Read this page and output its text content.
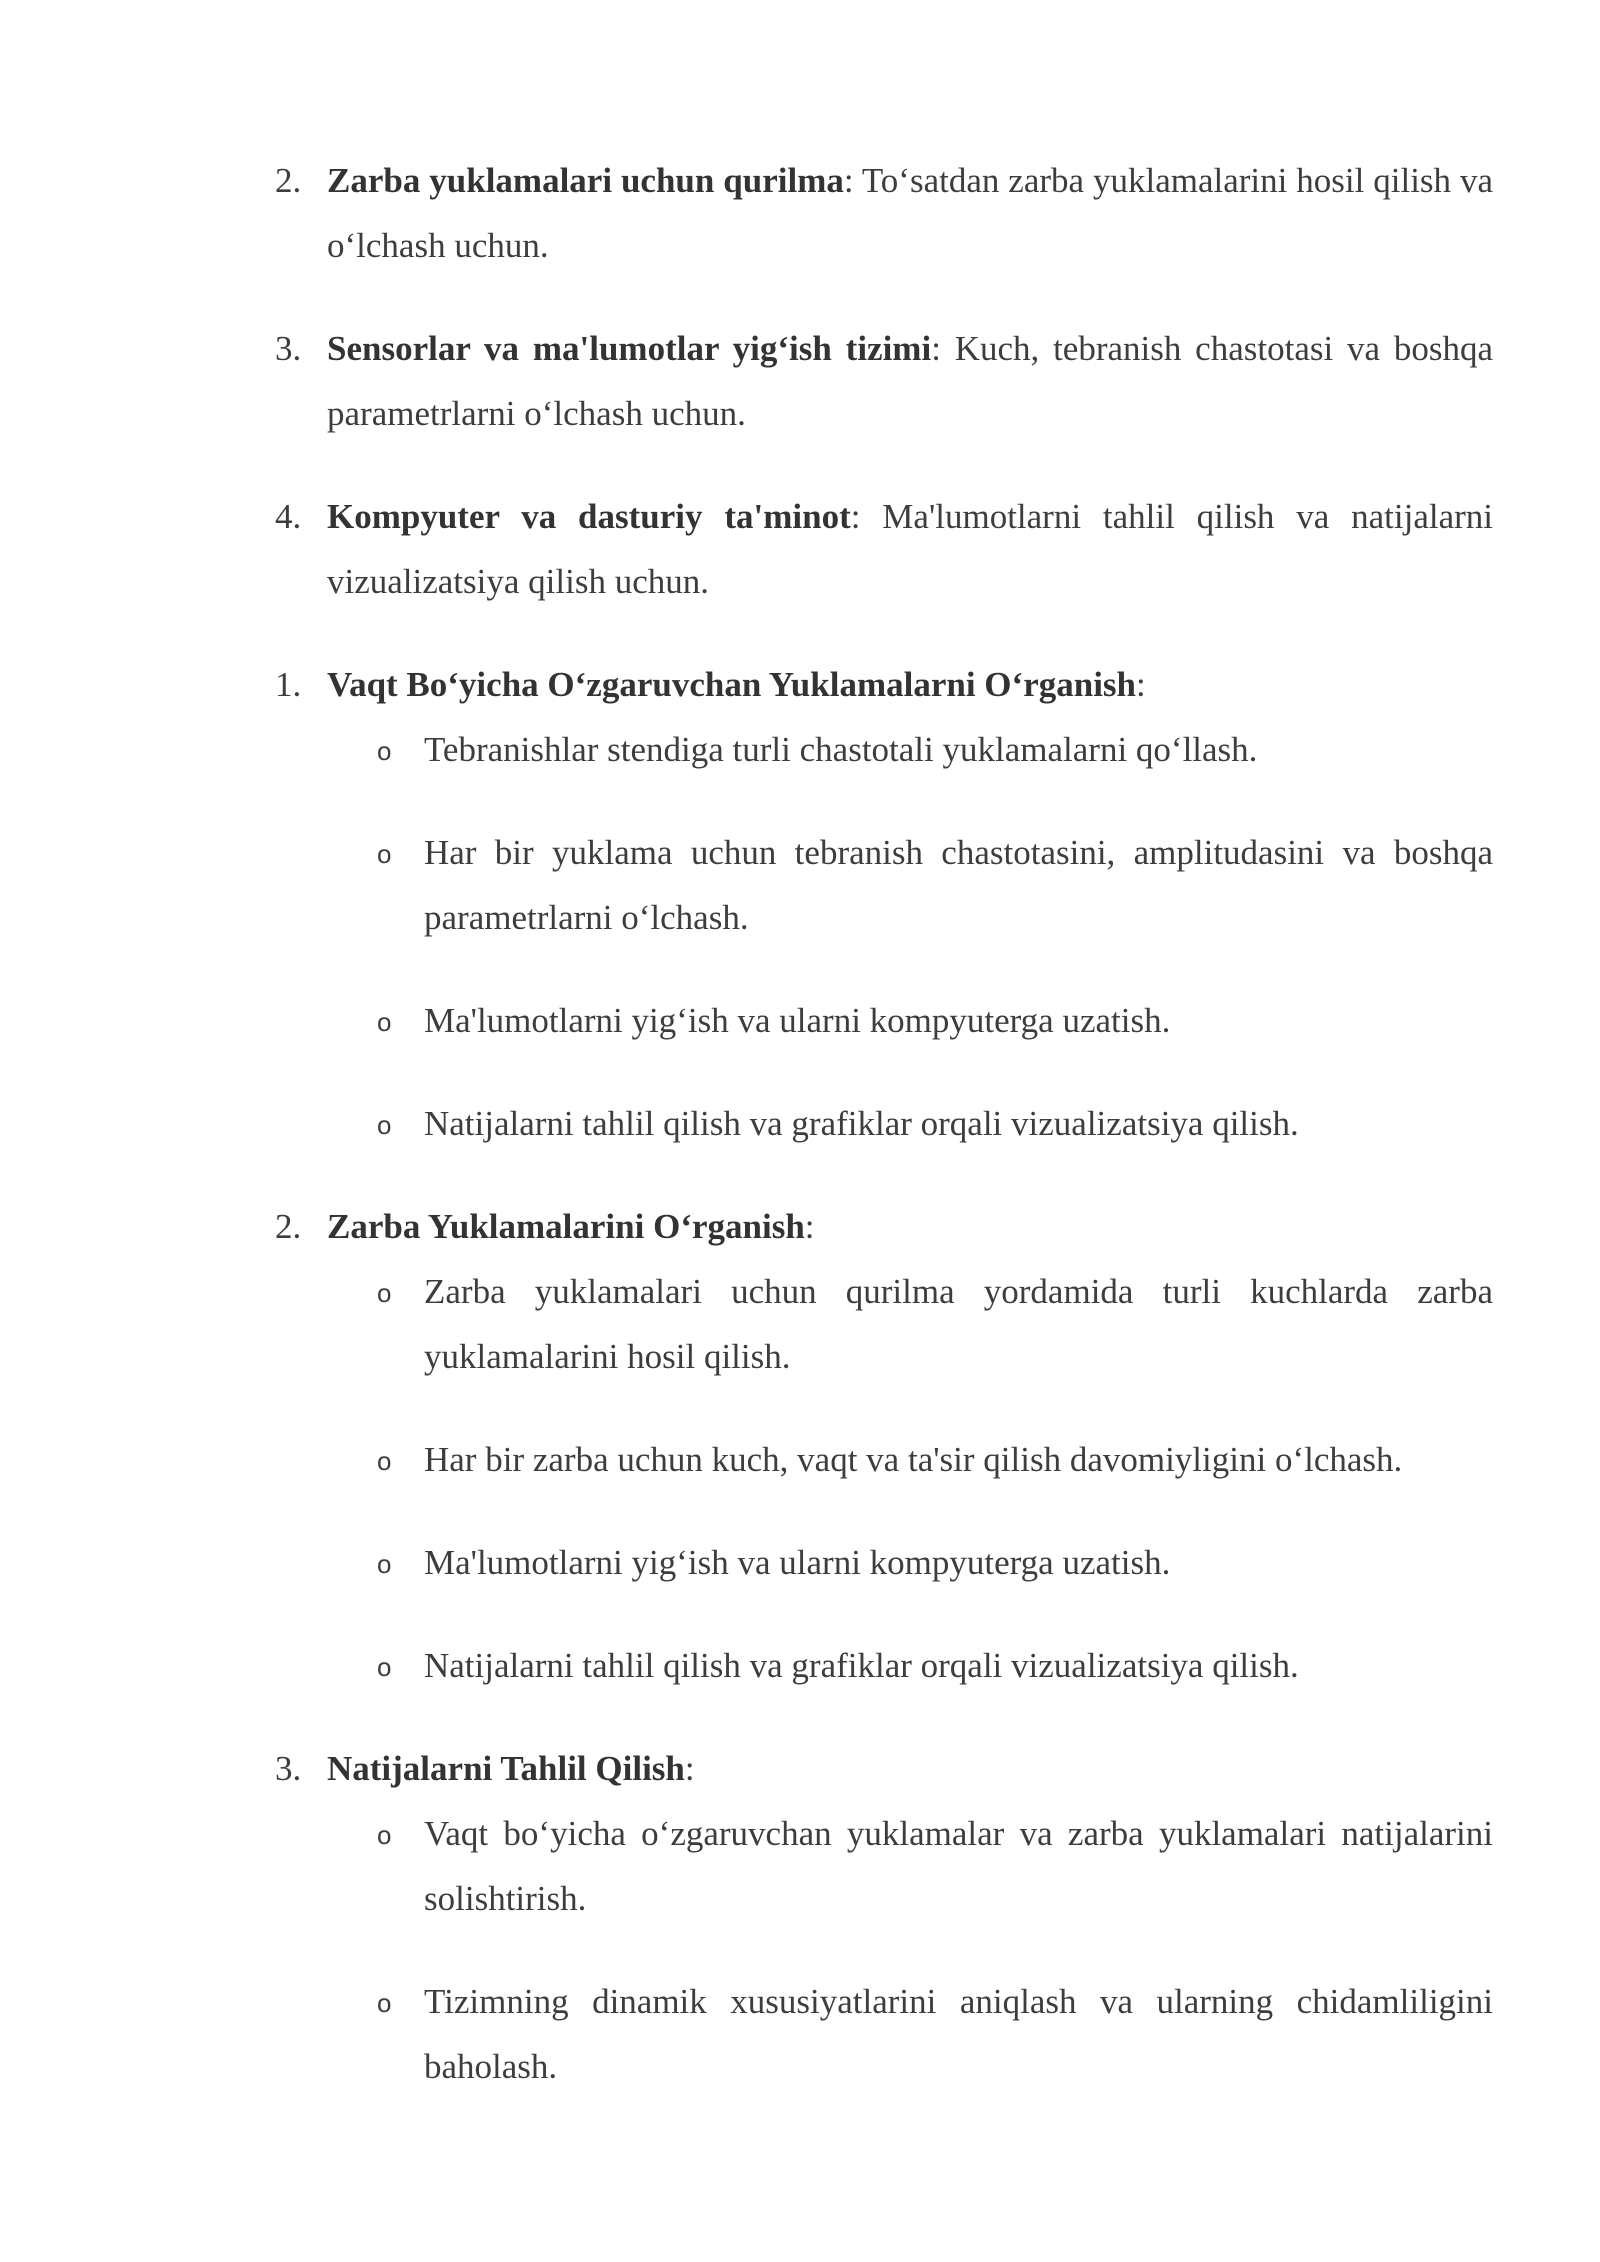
2. Zarba yuklamalari uchun qurilma: To‘satdan zarba yuklamalarini hosil qilish va o‘lchash uchun.
3. Sensorlar va ma'lumotlar yig‘ish tizimi: Kuch, tebranish chastotasi va boshqa parametrlarni o‘lchash uchun.
4. Kompyuter va dasturiy ta'minot: Ma'lumotlarni tahlil qilish va natijalarni vizualizatsiya qilish uchun.
1. Vaqt Bo‘yicha O‘zgaruvchan Yuklamalarni O‘rganish:
o Tebranishlar stendiga turli chastotali yuklamalarni qo‘llash.
o Har bir yuklama uchun tebranish chastotasini, amplitudasini va boshqa parametrlarni o‘lchash.
o Ma'lumotlarni yig‘ish va ularni kompyuterga uzatish.
o Natijalarni tahlil qilish va grafiklar orqali vizualizatsiya qilish.
2. Zarba Yuklamalarini O‘rganish:
o Zarba yuklamalari uchun qurilma yordamida turli kuchlarda zarba yuklamalarini hosil qilish.
o Har bir zarba uchun kuch, vaqt va ta'sir qilish davomiyligini o‘lchash.
o Ma'lumotlarni yig‘ish va ularni kompyuterga uzatish.
o Natijalarni tahlil qilish va grafiklar orqali vizualizatsiya qilish.
3. Natijalarni Tahlil Qilish:
o Vaqt bo‘yicha o‘zgaruvchan yuklamalar va zarba yuklamalari natijalarini solishtirish.
o Tizimning dinamik xususiyatlarini aniqlash va ularning chidamliligini baholash.
